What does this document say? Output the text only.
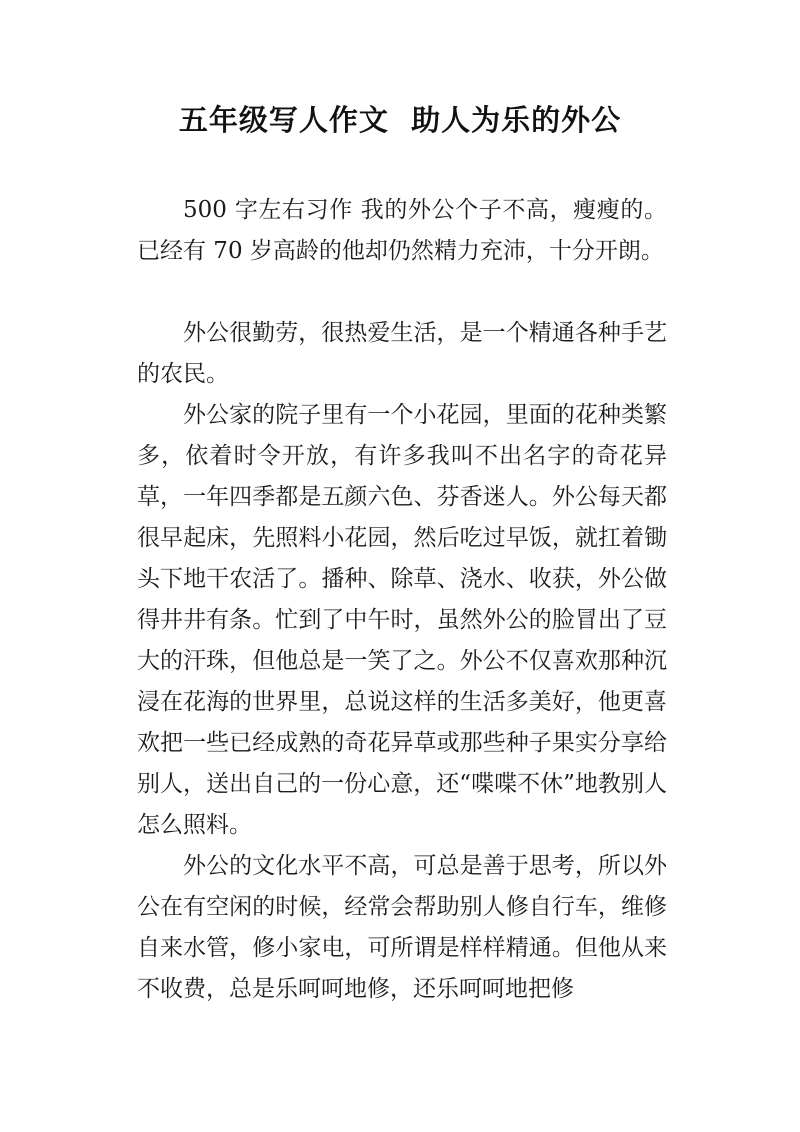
五年级写人作文  助人为乐的外公

500 字左右习作 我的外公个子不高，瘦瘦的。已经有 70 岁高龄的他却仍然精力充沛，十分开朗。

外公很勤劳，很热爱生活，是一个精通各种手艺的农民。

外公家的院子里有一个小花园，里面的花种类繁多，依着时令开放，有许多我叫不出名字的奇花异草，一年四季都是五颜六色、芬香迷人。外公每天都很早起床，先照料小花园，然后吃过早饭，就扛着锄头下地干农活了。播种、除草、浇水、收获，外公做得井井有条。忙到了中午时，虽然外公的脸冒出了豆大的汗珠，但他总是一笑了之。外公不仅喜欢那种沉浸在花海的世界里，总说这样的生活多美好，他更喜欢把一些已经成熟的奇花异草或那些种子果实分享给别人，送出自己的一份心意，还“喋喋不休”地教别人怎么照料。

外公的文化水平不高，可总是善于思考，所以外公在有空闲的时候，经常会帮助别人修自行车，维修自来水管，修小家电，可所谓是样样精通。但他从来不收费，总是乐呵呵地修，还乐呵呵地把修
